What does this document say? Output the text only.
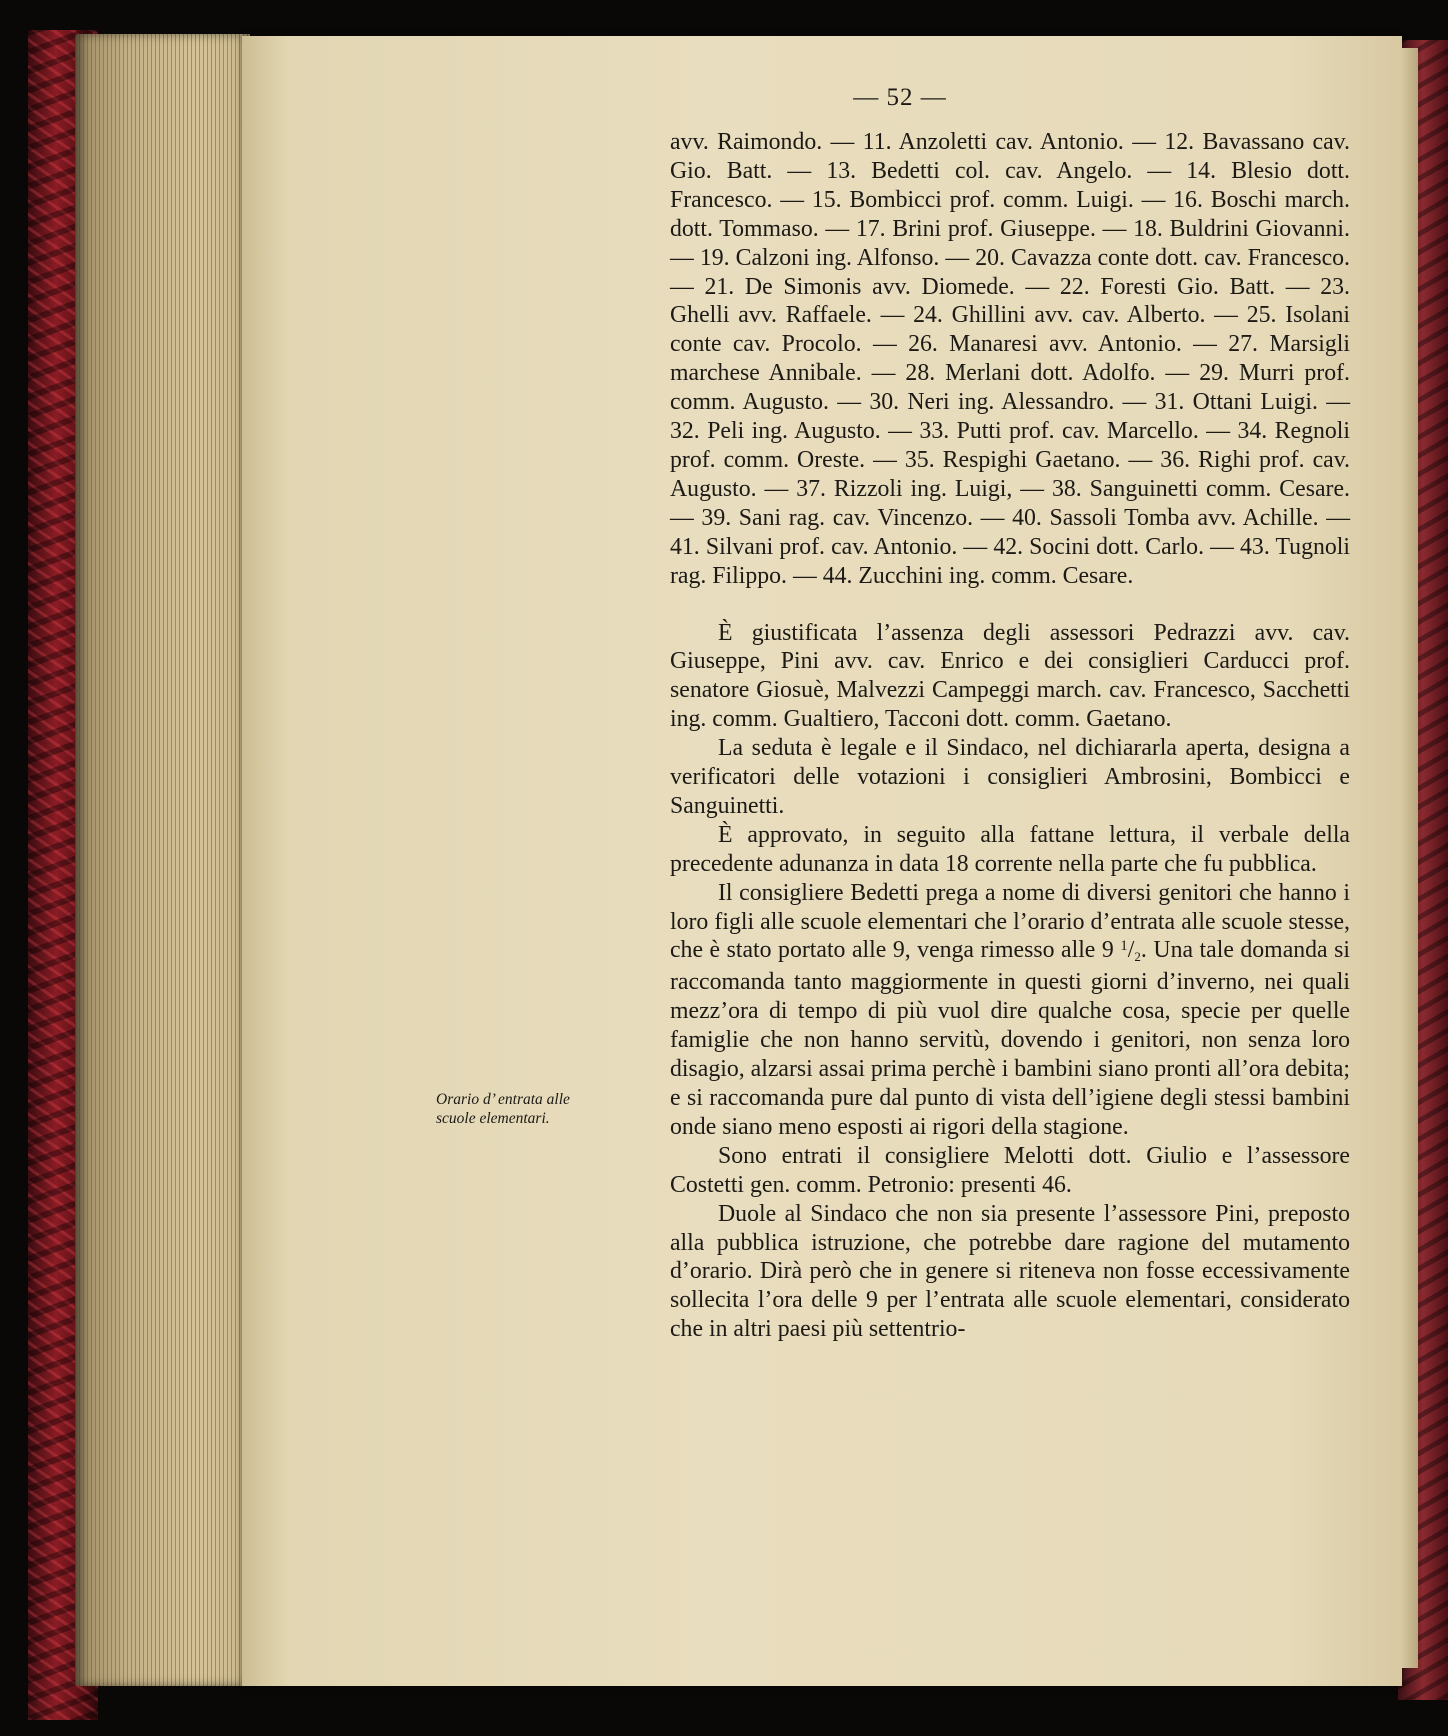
— 52 —

avv. Raimondo. — 11. Anzoletti cav. Antonio. — 12. Bavassano cav. Gio. Batt. — 13. Bedetti col. cav. Angelo. — 14. Blesio dott. Francesco. — 15. Bombicci prof. comm. Luigi. — 16. Boschi march. dott. Tommaso. — 17. Brini prof. Giuseppe. — 18. Buldrini Giovanni. — 19. Calzoni ing. Alfonso. — 20. Cavazza conte dott. cav. Francesco. — 21. De Simonis avv. Diomede. — 22. Foresti Gio. Batt. — 23. Ghelli avv. Raffaele. — 24. Ghillini avv. cav. Alberto. — 25. Isolani conte cav. Procolo. — 26. Manaresi avv. Antonio. — 27. Marsigli marchese Annibale. — 28. Merlani dott. Adolfo. — 29. Murri prof. comm. Augusto. — 30. Neri ing. Alessandro. — 31. Ottani Luigi. — 32. Peli ing. Augusto. — 33. Putti prof. cav. Marcello. — 34. Regnoli prof. comm. Oreste. — 35. Respighi Gaetano. — 36. Righi prof. cav. Augusto. — 37. Rizzoli ing. Luigi, — 38. Sanguinetti comm. Cesare. — 39. Sani rag. cav. Vincenzo. — 40. Sassoli Tomba avv. Achille. — 41. Silvani prof. cav. Antonio. — 42. Socini dott. Carlo. — 43. Tugnoli rag. Filippo. — 44. Zucchini ing. comm. Cesare.

È giustificata l’assenza degli assessori Pedrazzi avv. cav. Giuseppe, Pini avv. cav. Enrico e dei consiglieri Carducci prof. senatore Giosuè, Malvezzi Campeggi march. cav. Francesco, Sacchetti ing. comm. Gualtiero, Tacconi dott. comm. Gaetano.

La seduta è legale e il Sindaco, nel dichiararla aperta, designa a verificatori delle votazioni i consiglieri Ambrosini, Bombicci e Sanguinetti.

È approvato, in seguito alla fattane lettura, il verbale della precedente adunanza in data 18 corrente nella parte che fu pubblica.

Il consigliere Bedetti prega a nome di diversi genitori che hanno i loro figli alle scuole elementari che l’orario d’entrata alle scuole stesse, che è stato portato alle 9, venga rimesso alle 9 $^1$/2. Una tale domanda si raccomanda tanto maggiormente in questi giorni d’inverno, nei quali mezz’ora di tempo di più vuol dire qualche cosa, specie per quelle famiglie che non hanno servitù, dovendo i genitori, non senza loro disagio, alzarsi assai prima perchè i bambini siano pronti all’ora debita; e si raccomanda pure dal punto di vista dell’igiene degli stessi bambini onde siano meno esposti ai rigori della stagione.

Sono entrati il consigliere Melotti dott. Giulio e l’assessore Costetti gen. comm. Petronio: presenti 46.

Duole al Sindaco che non sia presente l’assessore Pini, preposto alla pubblica istruzione, che potrebbe dare ragione del mutamento d’orario. Dirà però che in genere si riteneva non fosse eccessivamente sollecita l’ora delle 9 per l’entrata alle scuole elementari, considerato che in altri paesi più settentrio-

Orario d’ entrata alle
scuole elementari.
